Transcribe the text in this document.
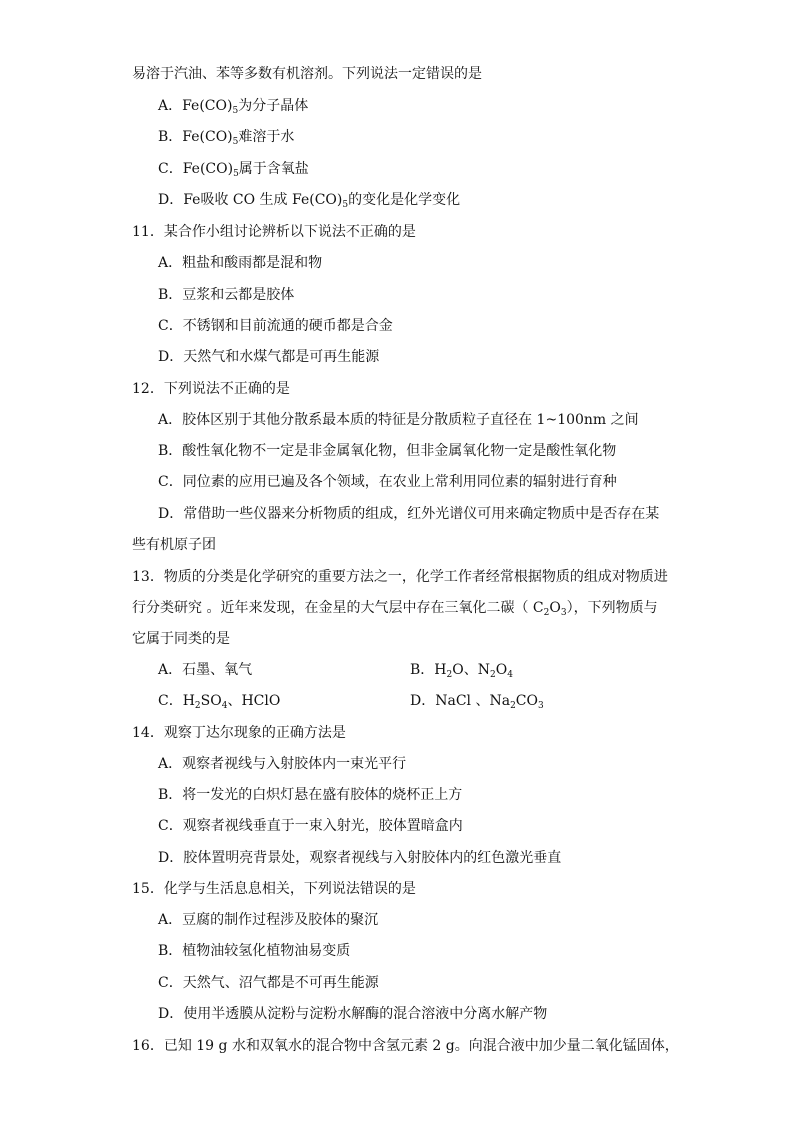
易溶于汽油、苯等多数有机溶剂。下列说法一定错误的是
A．$Fe(CO)_5$为分子晶体
B．$Fe(CO)_5$难溶于水
C．$Fe(CO)_5$属于含氧盐
D．Fe吸收 CO 生成 $Fe(CO)_5$的变化是化学变化
11．某合作小组讨论辨析以下说法不正确的是
A．粗盐和酸雨都是混和物
B．豆浆和云都是胶体
C．不锈钢和目前流通的硬币都是合金
D．天然气和水煤气都是可再生能源
12．下列说法不正确的是
A．胶体区别于其他分散系最本质的特征是分散质粒子直径在 1~100nm 之间
B．酸性氧化物不一定是非金属氧化物，但非金属氧化物一定是酸性氧化物
C．同位素的应用已遍及各个领域，在农业上常利用同位素的辐射进行育种
D．常借助一些仪器来分析物质的组成，红外光谱仪可用来确定物质中是否存在某
些有机原子团
13．物质的分类是化学研究的重要方法之一，化学工作者经常根据物质的组成对物质进
行分类研究 。近年来发现，在金星的大气层中存在三氧化二碳（ $C_2O_3$），下列物质与
它属于同类的是
A．石墨、氧气	B．$H_2O$、$N_2O_4$
C．$H_2SO_4$、HClO	D．NaCl 、$Na_2CO_3$
14．观察丁达尔现象的正确方法是
A．观察者视线与入射胶体内一束光平行
B．将一发光的白炽灯悬在盛有胶体的烧杯正上方
C．观察者视线垂直于一束入射光，胶体置暗盒内
D．胶体置明亮背景处，观察者视线与入射胶体内的红色激光垂直
15．化学与生活息息相关，下列说法错误的是
A．豆腐的制作过程涉及胶体的聚沉
B．植物油较氢化植物油易变质
C．天然气、沼气都是不可再生能源
D．使用半透膜从淀粉与淀粉水解酶的混合溶液中分离水解产物
16．已知 19 g 水和双氧水的混合物中含氢元素 2 g。向混合液中加少量二氧化锰固体，
